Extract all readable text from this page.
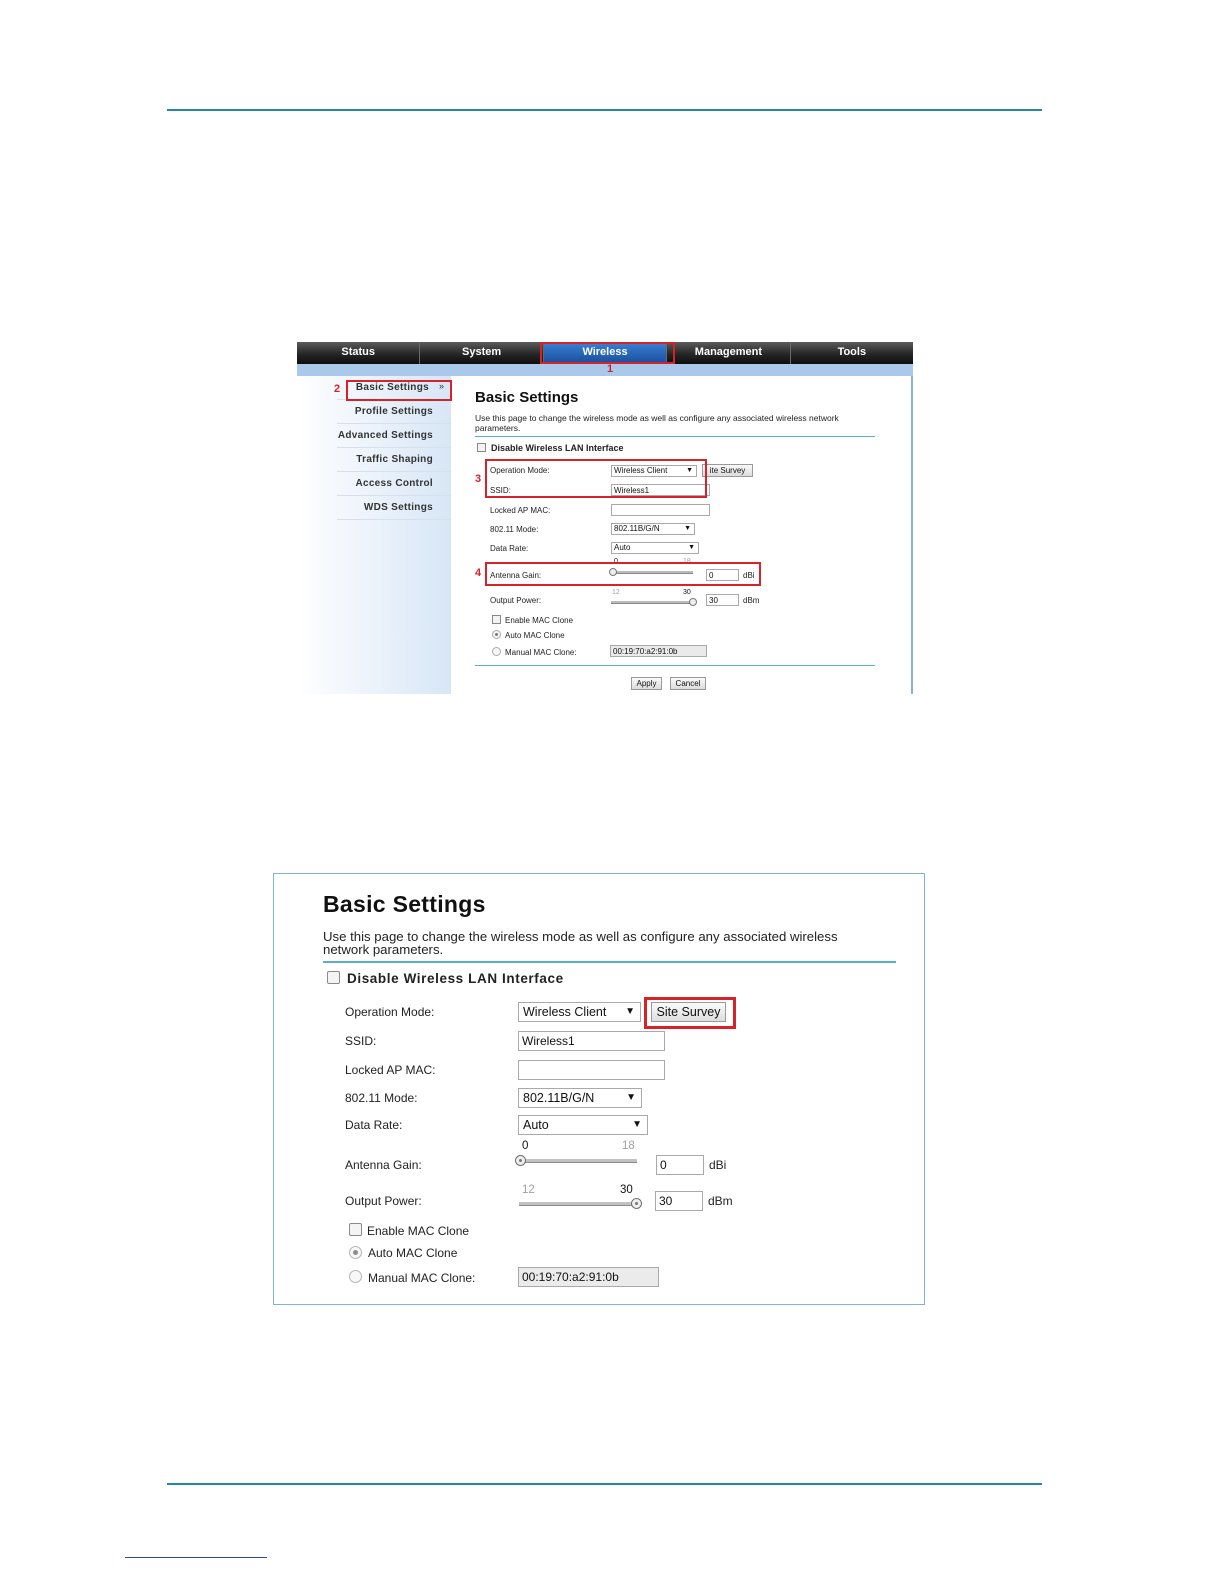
Status	System	Wireless	Management	Tools
Basic Settings »
Profile Settings
Advanced Settings
Traffic Shaping
Access Control
WDS Settings
Basic Settings
Use this page to change the wireless mode as well as configure any associated wireless network parameters.
Disable Wireless LAN Interface
Operation Mode:	Wireless Client	▼	ite Survey
SSID:	Wireless1
Locked AP MAC:
802.11 Mode:	802.11B/G/N	▼
Data Rate:	Auto	▼
0	18
Antenna Gain:	0	dBi
12	30
Output Power:	30	dBm
Enable MAC Clone
Auto MAC Clone
Manual MAC Clone:	00:19:70:a2:91:0b
Apply	Cancel
1
2
3
4
Basic Settings
Use this page to change the wireless mode as well as configure any associated wireless network parameters.
Disable Wireless LAN Interface
Operation Mode:	Wireless Client ▼	Site Survey
SSID:	Wireless1
Locked AP MAC:
802.11 Mode:	802.11B/G/N	▼
Data Rate:	Auto	▼
0	18
Antenna Gain:	0	dBi
12	30
Output Power:	30	dBm
Enable MAC Clone
Auto MAC Clone
Manual MAC Clone:	00:19:70:a2:91:0b
